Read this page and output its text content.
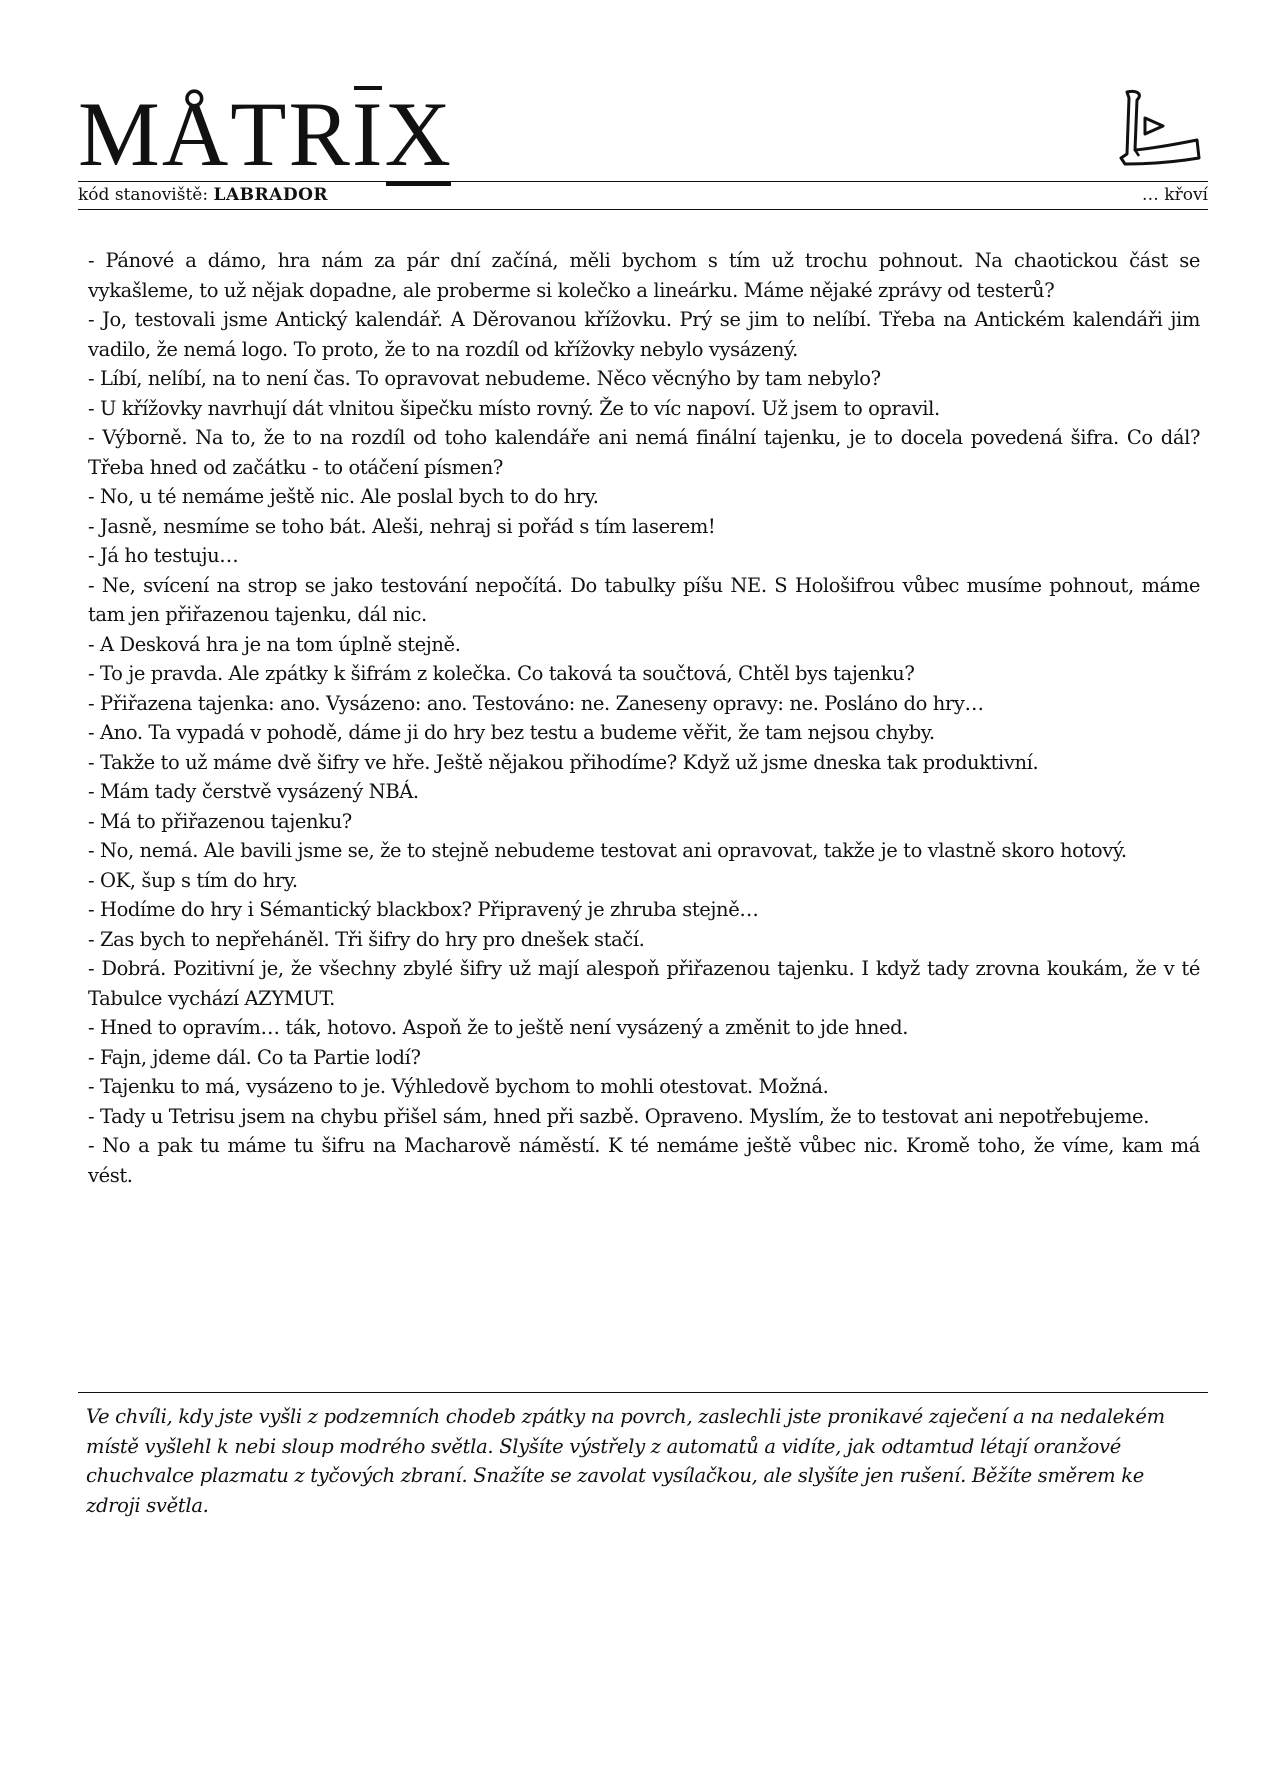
MÅTRIX
kód stanoviště: LABRADOR	… křoví

- Pánové a dámo, hra nám za pár dní začíná, měli bychom s tím už trochu pohnout. Na chaotickou část se vykašleme, to už nějak dopadne, ale proberme si kolečko a lineárku. Máme nějaké zprávy od testerů?

- Jo, testovali jsme Antický kalendář. A Děrovanou křížovku. Prý se jim to nelíbí. Třeba na Antickém kalendáři jim vadilo, že nemá logo. To proto, že to na rozdíl od křížovky nebylo vysázený.

- Líbí, nelíbí, na to není čas. To opravovat nebudeme. Něco věcnýho by tam nebylo?

- U křížovky navrhují dát vlnitou šipečku místo rovný. Že to víc napoví. Už jsem to opravil.

- Výborně. Na to, že to na rozdíl od toho kalendáře ani nemá finální tajenku, je to docela povedená šifra. Co dál? Třeba hned od začátku - to otáčení písmen?

- No, u té nemáme ještě nic. Ale poslal bych to do hry.

- Jasně, nesmíme se toho bát. Aleši, nehraj si pořád s tím laserem!

- Já ho testuju…

- Ne, svícení na strop se jako testování nepočítá. Do tabulky píšu NE. S Hološifrou vůbec musíme pohnout, máme tam jen přiřazenou tajenku, dál nic.

- A Desková hra je na tom úplně stejně.

- To je pravda. Ale zpátky k šifrám z kolečka. Co taková ta součtová, Chtěl bys tajenku?

- Přiřazena tajenka: ano. Vysázeno: ano. Testováno: ne. Zaneseny opravy: ne. Posláno do hry…

- Ano. Ta vypadá v pohodě, dáme ji do hry bez testu a budeme věřit, že tam nejsou chyby.

- Takže to už máme dvě šifry ve hře. Ještě nějakou přihodíme? Když už jsme dneska tak produktivní.

- Mám tady čerstvě vysázený NBÁ.

- Má to přiřazenou tajenku?

- No, nemá. Ale bavili jsme se, že to stejně nebudeme testovat ani opravovat, takže je to vlastně skoro hotový.

- OK, šup s tím do hry.

- Hodíme do hry i Sémantický blackbox? Připravený je zhruba stejně…

- Zas bych to nepřeháněl. Tři šifry do hry pro dnešek stačí.

- Dobrá. Pozitivní je, že všechny zbylé šifry už mají alespoň přiřazenou tajenku. I když tady zrovna koukám, že v té Tabulce vychází AZYMUT.

- Hned to opravím… ták, hotovo. Aspoň že to ještě není vysázený a změnit to jde hned.

- Fajn, jdeme dál. Co ta Partie lodí?

- Tajenku to má, vysázeno to je. Výhledově bychom to mohli otestovat. Možná.

- Tady u Tetrisu jsem na chybu přišel sám, hned při sazbě. Opraveno. Myslím, že to testovat ani nepotřebujeme.

- No a pak tu máme tu šifru na Macharově náměstí. K té nemáme ještě vůbec nic. Kromě toho, že víme, kam má vést.

Ve chvíli, kdy jste vyšli z podzemních chodeb zpátky na povrch, zaslechli jste pronikavé zaječení a na nedalekém místě vyšlehl k nebi sloup modrého světla. Slyšíte výstřely z automatů a vidíte, jak odtamtud létají oranžové chuchvalce plazmatu z tyčových zbraní. Snažíte se zavolat vysílačkou, ale slyšíte jen rušení. Běžíte směrem ke zdroji světla.
